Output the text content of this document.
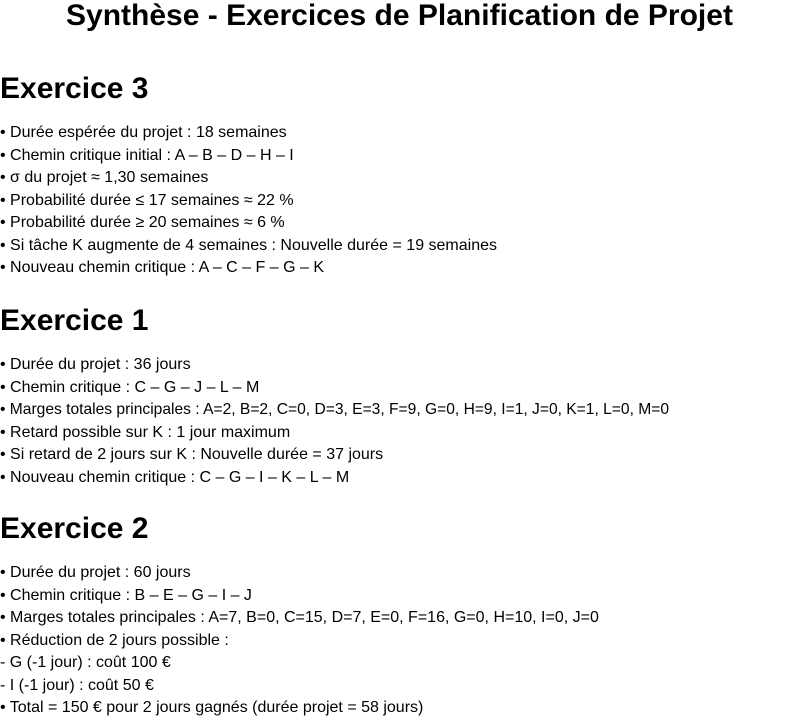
Synthèse - Exercices de Planification de Projet
Exercice 3
• Durée espérée du projet : 18 semaines
• Chemin critique initial : A – B – D – H – I
• σ du projet ≈ 1,30 semaines
• Probabilité durée ≤ 17 semaines ≈ 22 %
• Probabilité durée ≥ 20 semaines ≈ 6 %
• Si tâche K augmente de 4 semaines : Nouvelle durée = 19 semaines
• Nouveau chemin critique : A – C – F – G – K
Exercice 1
• Durée du projet : 36 jours
• Chemin critique : C – G – J – L – M
• Marges totales principales : A=2, B=2, C=0, D=3, E=3, F=9, G=0, H=9, I=1, J=0, K=1, L=0, M=0
• Retard possible sur K : 1 jour maximum
• Si retard de 2 jours sur K : Nouvelle durée = 37 jours
• Nouveau chemin critique : C – G – I – K – L – M
Exercice 2
• Durée du projet : 60 jours
• Chemin critique : B – E – G – I – J
• Marges totales principales : A=7, B=0, C=15, D=7, E=0, F=16, G=0, H=10, I=0, J=0
• Réduction de 2 jours possible :
- G (-1 jour) : coût 100 €
- I (-1 jour) : coût 50 €
• Total = 150 € pour 2 jours gagnés (durée projet = 58 jours)
